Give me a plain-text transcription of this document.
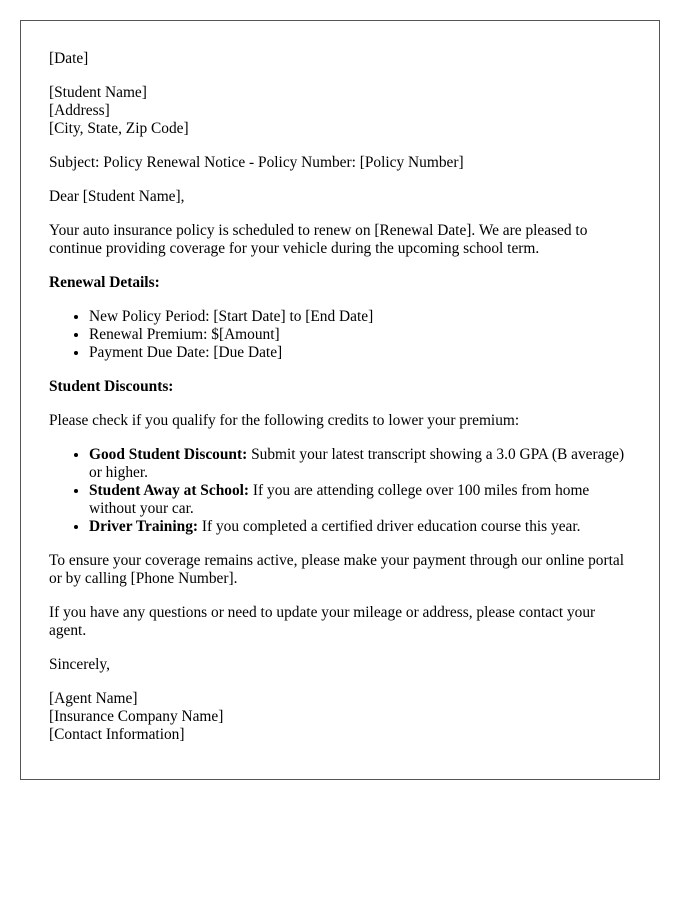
[Date]

[Student Name]
[Address]
[City, State, Zip Code]

Subject: Policy Renewal Notice - Policy Number: [Policy Number]

Dear [Student Name],

Your auto insurance policy is scheduled to renew on [Renewal Date]. We are pleased to continue providing coverage for your vehicle during the upcoming school term.

Renewal Details:

• New Policy Period: [Start Date] to [End Date]
• Renewal Premium: $[Amount]
• Payment Due Date: [Due Date]

Student Discounts:

Please check if you qualify for the following credits to lower your premium:

• Good Student Discount: Submit your latest transcript showing a 3.0 GPA (B average) or higher.
• Student Away at School: If you are attending college over 100 miles from home without your car.
• Driver Training: If you completed a certified driver education course this year.

To ensure your coverage remains active, please make your payment through our online portal or by calling [Phone Number].

If you have any questions or need to update your mileage or address, please contact your agent.

Sincerely,

[Agent Name]
[Insurance Company Name]
[Contact Information]
